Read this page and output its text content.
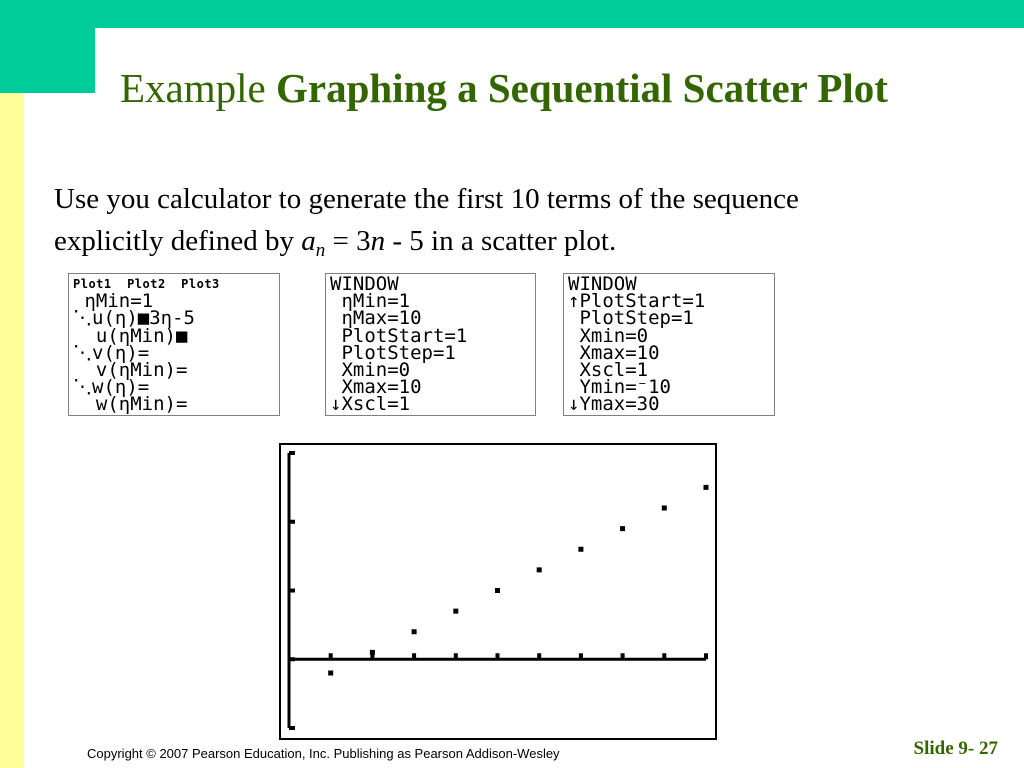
Example Graphing a Sequential Scatter Plot
Use you calculator to generate the first 10 terms of the sequence
explicitly defined by $a_n = 3n - 5$ in a scatter plot.
Plot1  Plot2  Plot3
ηMin=1
⋱u(η)■3η-5
u(ηMin)■
⋱v(η)=
v(ηMin)=
⋱w(η)=
w(ηMin)=
WINDOW
ηMin=1
ηMax=10
PlotStart=1
PlotStep=1
Xmin=0
Xmax=10
↓Xscl=1
WINDOW
↑PlotStart=1
PlotStep=1
Xmin=0
Xmax=10
Xscl=1
Ymin=⁻10
↓Ymax=30
Copyright © 2007 Pearson Education, Inc. Publishing as Pearson Addison-Wesley	Slide 9- 27
